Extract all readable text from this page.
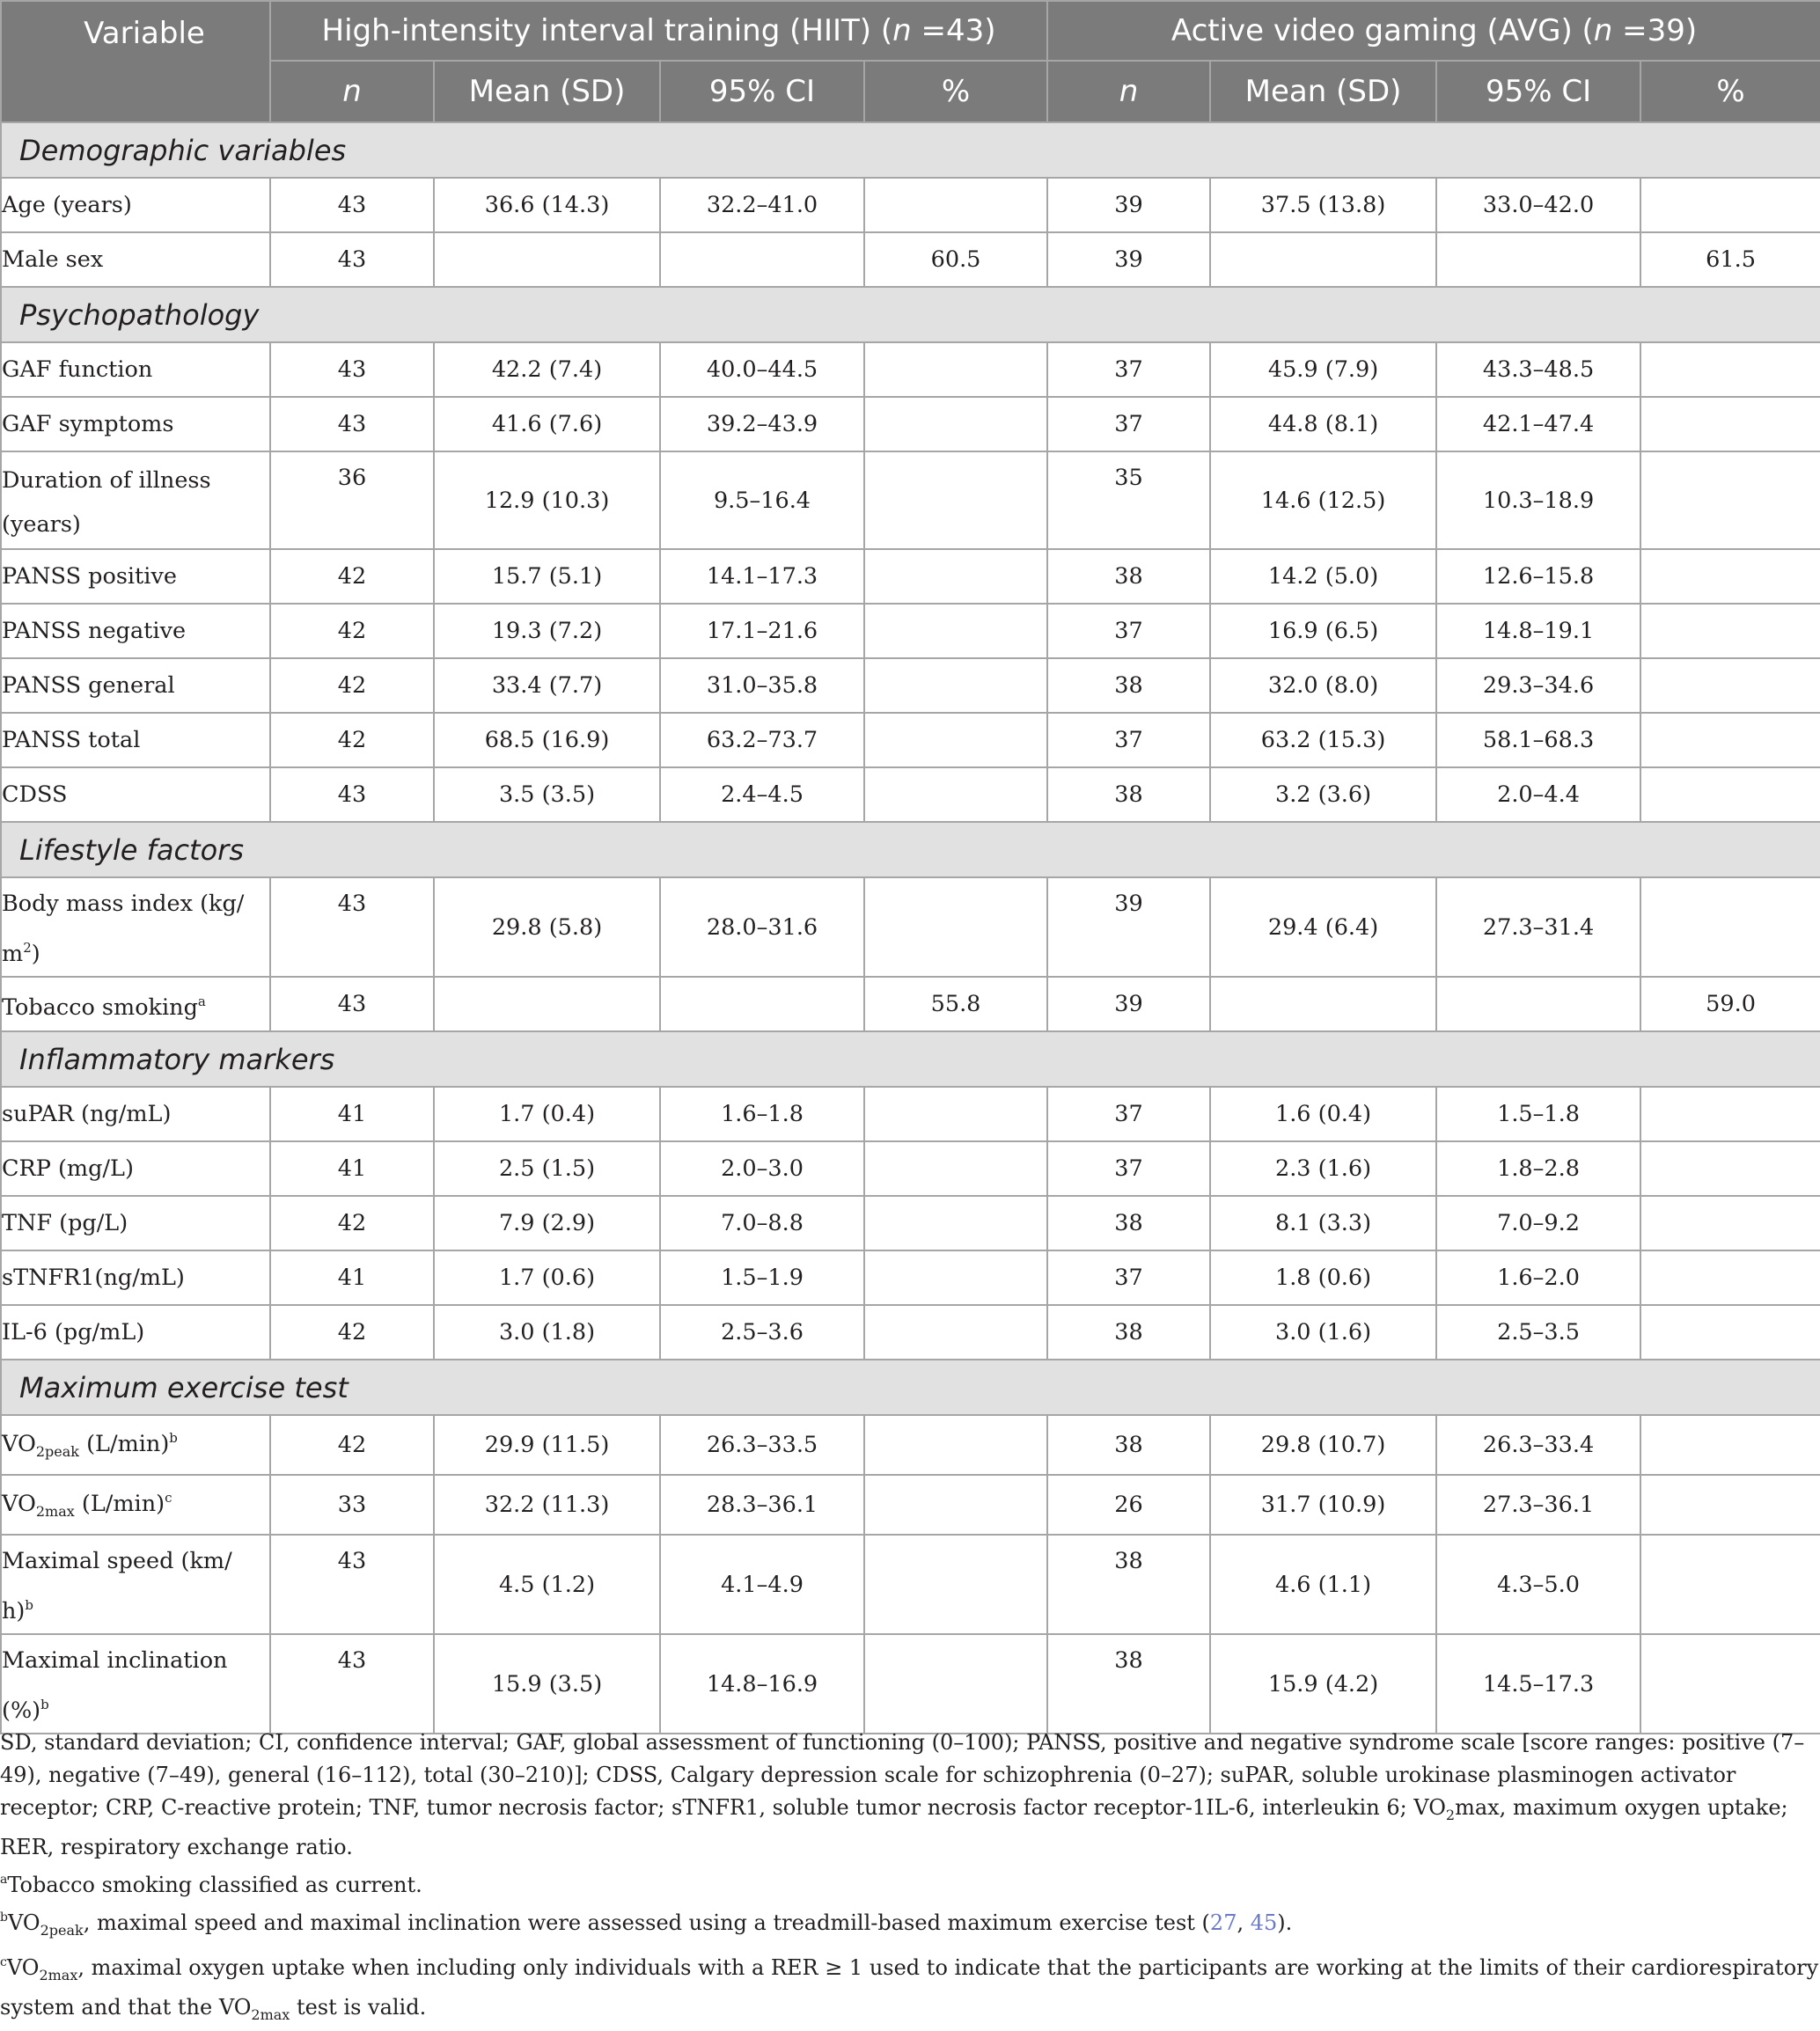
Variable	High-intensity interval training (HIIT) (n =43)				Active video gaming (AVG) (n =39)			
	n	Mean (SD)	95% CI	%	n	Mean (SD)	95% CI	%
Demographic variables								
Age (years)	43	36.6 (14.3)	32.2–41.0		39	37.5 (13.8)	33.0–42.0	
Male sex	43			60.5	39			61.5
Psychopathology								
GAF function	43	42.2 (7.4)	40.0–44.5		37	45.9 (7.9)	43.3–48.5	
GAF symptoms	43	41.6 (7.6)	39.2–43.9		37	44.8 (8.1)	42.1–47.4	
Duration of illness
(years)	36	12.9 (10.3)	9.5–16.4		35	14.6 (12.5)	10.3–18.9	
PANSS positive	42	15.7 (5.1)	14.1–17.3		38	14.2 (5.0)	12.6–15.8	
PANSS negative	42	19.3 (7.2)	17.1–21.6		37	16.9 (6.5)	14.8–19.1	
PANSS general	42	33.4 (7.7)	31.0–35.8		38	32.0 (8.0)	29.3–34.6	
PANSS total	42	68.5 (16.9)	63.2–73.7		37	63.2 (15.3)	58.1–68.3	
CDSS	43	3.5 (3.5)	2.4–4.5		38	3.2 (3.6)	2.0–4.4	
Lifestyle factors								
Body mass index (kg/
$m^2$)	43	29.8 (5.8)	28.0–31.6		39	29.4 (6.4)	27.3–31.4	
Tobacco smoking$^a$	43			55.8	39			59.0
Inflammatory markers								
suPAR (ng/mL)	41	1.7 (0.4)	1.6–1.8		37	1.6 (0.4)	1.5–1.8	
CRP (mg/L)	41	2.5 (1.5)	2.0–3.0		37	2.3 (1.6)	1.8–2.8	
TNF (pg/L)	42	7.9 (2.9)	7.0–8.8		38	8.1 (3.3)	7.0–9.2	
sTNFR1(ng/mL)	41	1.7 (0.6)	1.5–1.9		37	1.8 (0.6)	1.6–2.0	
IL-6 (pg/mL)	42	3.0 (1.8)	2.5–3.6		38	3.0 (1.6)	2.5–3.5	
Maximum exercise test								
$VO_{2peak}$ $(L/\min)^b$	42	29.9 (11.5)	26.3–33.5		38	29.8 (10.7)	26.3–33.4	
$VO_{2max}$ $(L/\min)^c$	33	32.2 (11.3)	28.3–36.1		26	31.7 (10.9)	27.3–36.1	
Maximal speed (km/
h)$^b$	43	4.5 (1.2)	4.1–4.9		38	4.6 (1.1)	4.3–5.0	
Maximal inclination
(%)$^b$	43	15.9 (3.5)	14.8–16.9		38	15.9 (4.2)	14.5–17.3	

SD, standard deviation; CI, confidence interval; GAF, global assessment of functioning (0–100); PANSS, positive and negative syndrome scale [score ranges: positive (7–49), negative (7–49), general (16–112), total (30–210)]; CDSS, Calgary depression scale for schizophrenia (0–27); suPAR, soluble urokinase plasminogen activator receptor; CRP, C-reactive protein; TNF, tumor necrosis factor; sTNFR1, soluble tumor necrosis factor receptor-1IL-6, interleukin 6; $VO_2\max$, maximum oxygen uptake; RER, respiratory exchange ratio.

$^a$Tobacco smoking classified as current.

$^bVO_{2peak}$, maximal speed and maximal inclination were assessed using a treadmill-based maximum exercise test (27, 45).

$^cVO_{2max}$, maximal oxygen uptake when including only individuals with a RER ≥ 1 used to indicate that the participants are working at the limits of their cardiorespiratory system and that the $VO_{2max}$ test is valid.
